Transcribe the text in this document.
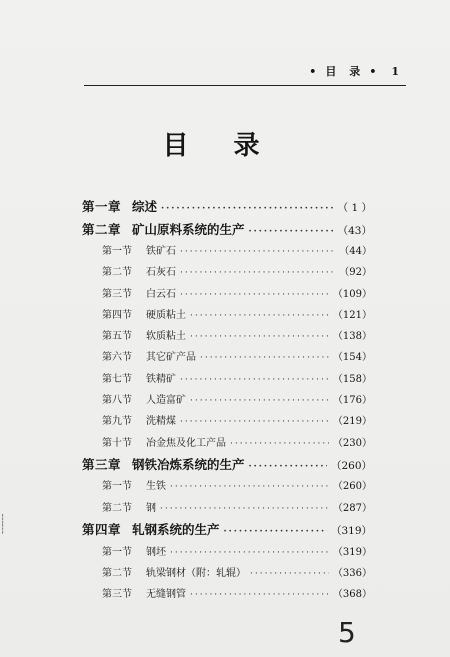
• 目　录 • 1
目 录
第一章 综述 ·····	（ 1 ）
第二章 矿山原料系统的生产 ·····	（43）
第一节	铁矿石 ·····	（44）
第二节	石灰石 ·····	（92）
第三节	白云石 ·····	（109）
第四节	硬质粘土 ·····	（121）
第五节	软质粘土 ·····	（138）
第六节	其它矿产品 ·····	（154）
第七节	铁精矿 ·····	（158）
第八节	人造富矿 ·····	（176）
第九节	洗精煤 ·····	（219）
第十节	冶金焦及化工产品 ·····	（230）
第三章 钢铁冶炼系统的生产 ·····	（260）
第一节	生铁 ·····	（260）
第二节	钢 ·····	（287）
第四章 轧钢系统的生产 ·····	（319）
第一节	钢坯 ·····	（319）
第二节	轨梁钢材（附：轧辊） ·····	（336）
第三节	无缝钢管 ·····	（368）
┆
┆
5
